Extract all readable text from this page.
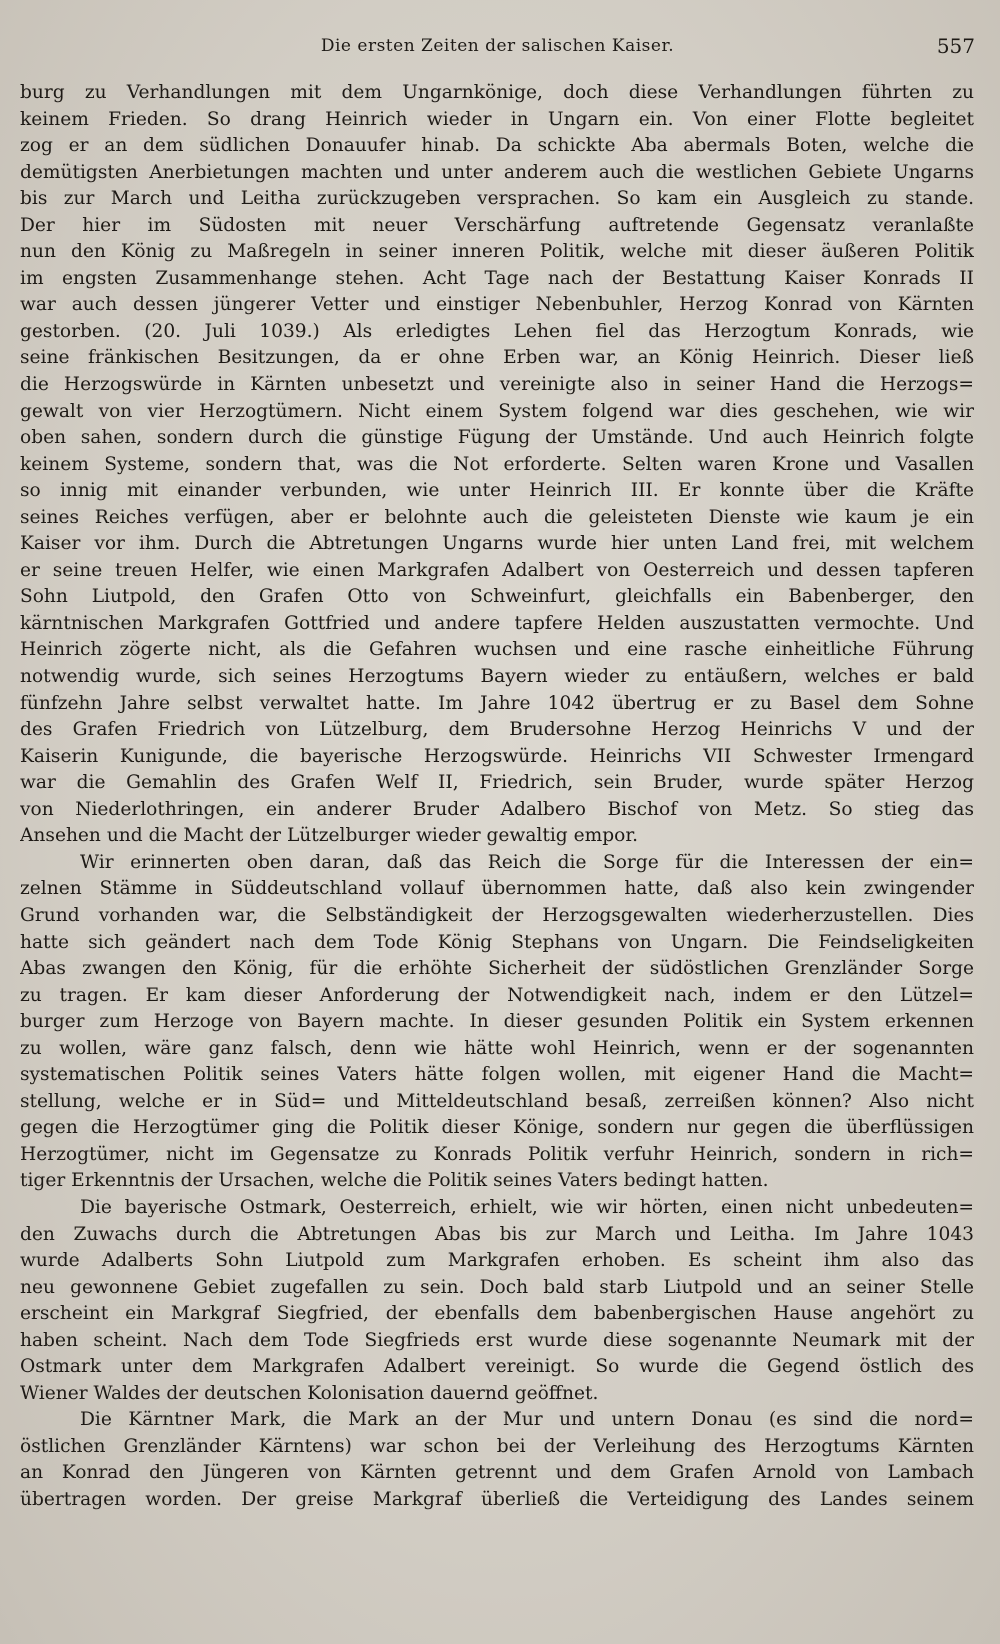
Die ersten Zeiten der salischen Kaiser.	557
burg zu Verhandlungen mit dem Ungarnkönige, doch diese Verhandlungen führten zu
keinem Frieden. So drang Heinrich wieder in Ungarn ein. Von einer Flotte begleitet
zog er an dem südlichen Donauufer hinab. Da schickte Aba abermals Boten, welche die
demütigsten Anerbietungen machten und unter anderem auch die westlichen Gebiete Ungarns
bis zur March und Leitha zurückzugeben versprachen. So kam ein Ausgleich zu stande.
Der hier im Südosten mit neuer Verschärfung auftretende Gegensatz veranlaßte
nun den König zu Maßregeln in seiner inneren Politik, welche mit dieser äußeren Politik
im engsten Zusammenhange stehen. Acht Tage nach der Bestattung Kaiser Konrads II
war auch dessen jüngerer Vetter und einstiger Nebenbuhler, Herzog Konrad von Kärnten
gestorben. (20. Juli 1039.) Als erledigtes Lehen fiel das Herzogtum Konrads, wie
seine fränkischen Besitzungen, da er ohne Erben war, an König Heinrich. Dieser ließ
die Herzogswürde in Kärnten unbesetzt und vereinigte also in seiner Hand die Herzogs=
gewalt von vier Herzogtümern. Nicht einem System folgend war dies geschehen, wie wir
oben sahen, sondern durch die günstige Fügung der Umstände. Und auch Heinrich folgte
keinem Systeme, sondern that, was die Not erforderte. Selten waren Krone und Vasallen
so innig mit einander verbunden, wie unter Heinrich III. Er konnte über die Kräfte
seines Reiches verfügen, aber er belohnte auch die geleisteten Dienste wie kaum je ein
Kaiser vor ihm. Durch die Abtretungen Ungarns wurde hier unten Land frei, mit welchem
er seine treuen Helfer, wie einen Markgrafen Adalbert von Oesterreich und dessen tapferen
Sohn Liutpold, den Grafen Otto von Schweinfurt, gleichfalls ein Babenberger, den
kärntnischen Markgrafen Gottfried und andere tapfere Helden auszustatten vermochte. Und
Heinrich zögerte nicht, als die Gefahren wuchsen und eine rasche einheitliche Führung
notwendig wurde, sich seines Herzogtums Bayern wieder zu entäußern, welches er bald
fünfzehn Jahre selbst verwaltet hatte. Im Jahre 1042 übertrug er zu Basel dem Sohne
des Grafen Friedrich von Lützelburg, dem Brudersohne Herzog Heinrichs V und der
Kaiserin Kunigunde, die bayerische Herzogswürde. Heinrichs VII Schwester Irmengard
war die Gemahlin des Grafen Welf II, Friedrich, sein Bruder, wurde später Herzog
von Niederlothringen, ein anderer Bruder Adalbero Bischof von Metz. So stieg das
Ansehen und die Macht der Lützelburger wieder gewaltig empor.
Wir erinnerten oben daran, daß das Reich die Sorge für die Interessen der ein=
zelnen Stämme in Süddeutschland vollauf übernommen hatte, daß also kein zwingender
Grund vorhanden war, die Selbständigkeit der Herzogsgewalten wiederherzustellen. Dies
hatte sich geändert nach dem Tode König Stephans von Ungarn. Die Feindseligkeiten
Abas zwangen den König, für die erhöhte Sicherheit der südöstlichen Grenzländer Sorge
zu tragen. Er kam dieser Anforderung der Notwendigkeit nach, indem er den Lützel=
burger zum Herzoge von Bayern machte. In dieser gesunden Politik ein System erkennen
zu wollen, wäre ganz falsch, denn wie hätte wohl Heinrich, wenn er der sogenannten
systematischen Politik seines Vaters hätte folgen wollen, mit eigener Hand die Macht=
stellung, welche er in Süd= und Mitteldeutschland besaß, zerreißen können? Also nicht
gegen die Herzogtümer ging die Politik dieser Könige, sondern nur gegen die überflüssigen
Herzogtümer, nicht im Gegensatze zu Konrads Politik verfuhr Heinrich, sondern in rich=
tiger Erkenntnis der Ursachen, welche die Politik seines Vaters bedingt hatten.
Die bayerische Ostmark, Oesterreich, erhielt, wie wir hörten, einen nicht unbedeuten=
den Zuwachs durch die Abtretungen Abas bis zur March und Leitha. Im Jahre 1043
wurde Adalberts Sohn Liutpold zum Markgrafen erhoben. Es scheint ihm also das
neu gewonnene Gebiet zugefallen zu sein. Doch bald starb Liutpold und an seiner Stelle
erscheint ein Markgraf Siegfried, der ebenfalls dem babenbergischen Hause angehört zu
haben scheint. Nach dem Tode Siegfrieds erst wurde diese sogenannte Neumark mit der
Ostmark unter dem Markgrafen Adalbert vereinigt. So wurde die Gegend östlich des
Wiener Waldes der deutschen Kolonisation dauernd geöffnet.
Die Kärntner Mark, die Mark an der Mur und untern Donau (es sind die nord=
östlichen Grenzländer Kärntens) war schon bei der Verleihung des Herzogtums Kärnten
an Konrad den Jüngeren von Kärnten getrennt und dem Grafen Arnold von Lambach
übertragen worden. Der greise Markgraf überließ die Verteidigung des Landes seinem
